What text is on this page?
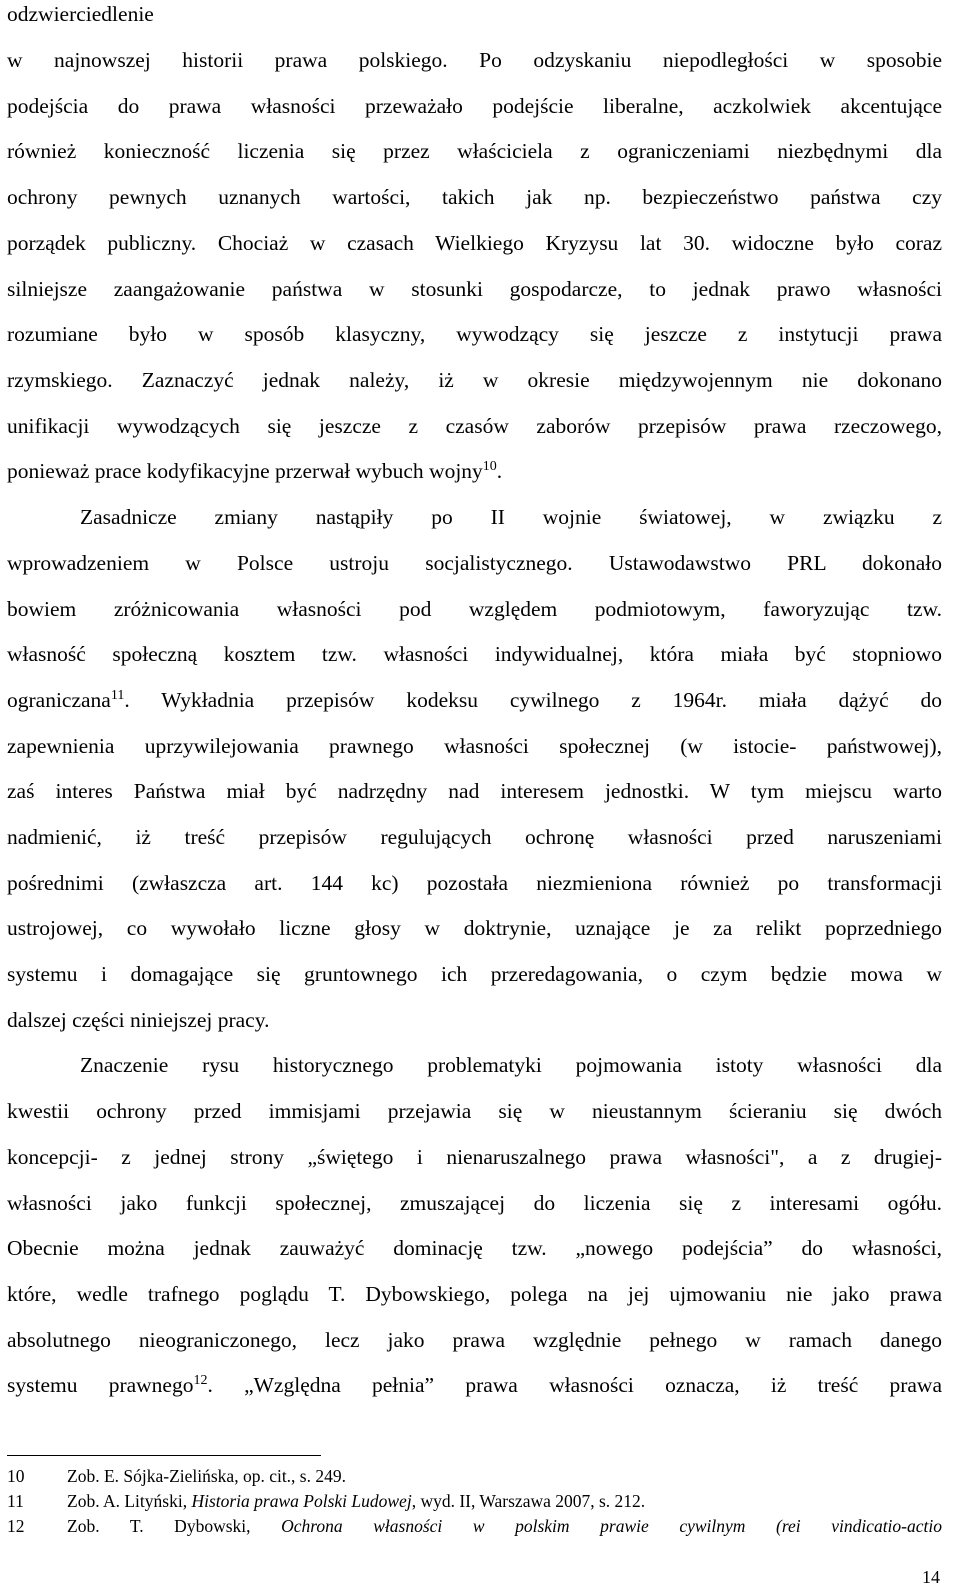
odzwierciedlenie
w najnowszej historii prawa polskiego. Po odzyskaniu niepodległości w sposobie
podejścia do prawa własności przeważało podejście liberalne, aczkolwiek akcentujące
również konieczność liczenia się przez właściciela z ograniczeniami niezbędnymi dla
ochrony pewnych uznanych wartości, takich jak np. bezpieczeństwo państwa czy
porządek publiczny. Chociaż w czasach Wielkiego Kryzysu lat 30. widoczne było coraz
silniejsze zaangażowanie państwa w stosunki gospodarcze, to jednak prawo własności
rozumiane było w sposób klasyczny, wywodzący się jeszcze z instytucji prawa
rzymskiego. Zaznaczyć jednak należy, iż w okresie międzywojennym nie dokonano
unifikacji wywodzących się jeszcze z czasów zaborów przepisów prawa rzeczowego,
ponieważ prace kodyfikacyjne przerwał wybuch wojny$^{10}$.
Zasadnicze zmiany nastąpiły po II wojnie światowej, w związku z
wprowadzeniem w Polsce ustroju socjalistycznego. Ustawodawstwo PRL dokonało
bowiem zróżnicowania własności pod względem podmiotowym, faworyzując tzw.
własność społeczną kosztem tzw. własności indywidualnej, która miała być stopniowo
ograniczana$^{11}$. Wykładnia przepisów kodeksu cywilnego z 1964r. miała dążyć do
zapewnienia uprzywilejowania prawnego własności społecznej (w istocie- państwowej),
zaś interes Państwa miał być nadrzędny nad interesem jednostki. W tym miejscu warto
nadmienić, iż treść przepisów regulujących ochronę własności przed naruszeniami
pośrednimi (zwłaszcza art. 144 kc) pozostała niezmieniona również po transformacji
ustrojowej, co wywołało liczne głosy w doktrynie, uznające je za relikt poprzedniego
systemu i domagające się gruntownego ich przeredagowania, o czym będzie mowa w
dalszej części niniejszej pracy.
Znaczenie rysu historycznego problematyki pojmowania istoty własności dla
kwestii ochrony przed immisjami przejawia się w nieustannym ścieraniu się dwóch
koncepcji- z jednej strony „świętego i nienaruszalnego prawa własności", a z drugiej-
własności jako funkcji społecznej, zmuszającej do liczenia się z interesami ogółu.
Obecnie można jednak zauważyć dominację tzw. „nowego podejścia” do własności,
które, wedle trafnego poglądu T. Dybowskiego, polega na jej ujmowaniu nie jako prawa
absolutnego nieograniczonego, lecz jako prawa względnie pełnego w ramach danego
systemu prawnego$^{12}$. „Względna pełnia” prawa własności oznacza, iż treść prawa
10 Zob. E. Sójka-Zielińska, op. cit., s. 249.
11 Zob. A. Lityński, Historia prawa Polski Ludowej, wyd. II, Warszawa 2007, s. 212.
12 Zob. T. Dybowski, Ochrona własności w polskim prawie cywilnym (rei vindicatio-actio
14
